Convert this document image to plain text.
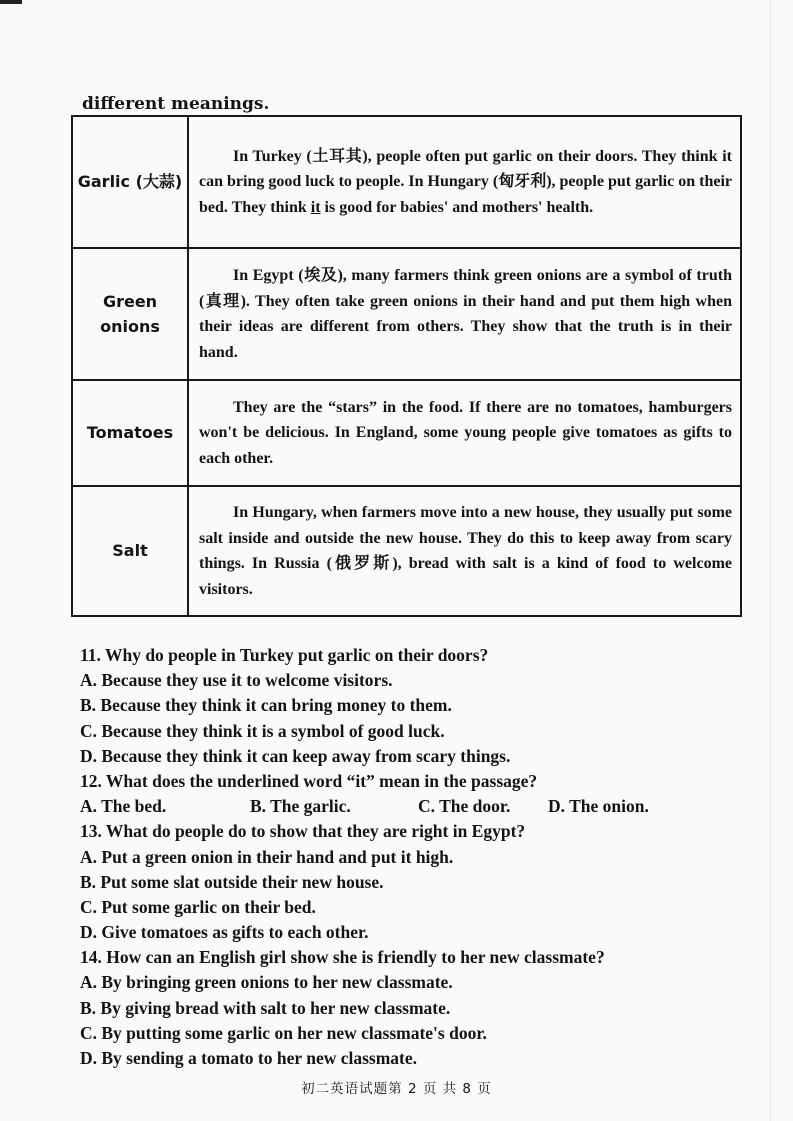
different meanings.
Garlic (大蒜)	In Turkey (土耳其), people often put garlic on their doors. They think it can bring good luck to people. In Hungary (匈牙利), people put garlic on their bed. They think it is good for babies' and mothers' health.

Green onions	In Egypt (埃及), many farmers think green onions are a symbol of truth (真理). They often take green onions in their hand and put them high when their ideas are different from others. They show that the truth is in their hand.

Tomatoes	They are the “stars” in the food. If there are no tomatoes, hamburgers won't be delicious. In England, some young people give tomatoes as gifts to each other.

Salt	In Hungary, when farmers move into a new house, they usually put some salt inside and outside the new house. They do this to keep away from scary things. In Russia (俄罗斯), bread with salt is a kind of food to welcome visitors.

11. Why do people in Turkey put garlic on their doors?
A. Because they use it to welcome visitors.
B. Because they think it can bring money to them.
C. Because they think it is a symbol of good luck.
D. Because they think it can keep away from scary things.
12. What does the underlined word “it” mean in the passage?
A. The bed.	B. The garlic.	C. The door.	D. The onion.
13. What do people do to show that they are right in Egypt?
A. Put a green onion in their hand and put it high.
B. Put some slat outside their new house.
C. Put some garlic on their bed.
D. Give tomatoes as gifts to each other.
14. How can an English girl show she is friendly to her new classmate?
A. By bringing green onions to her new classmate.
B. By giving bread with salt to her new classmate.
C. By putting some garlic on her new classmate's door.
D. By sending a tomato to her new classmate.
初二英语试题第 2 页 共 8 页
